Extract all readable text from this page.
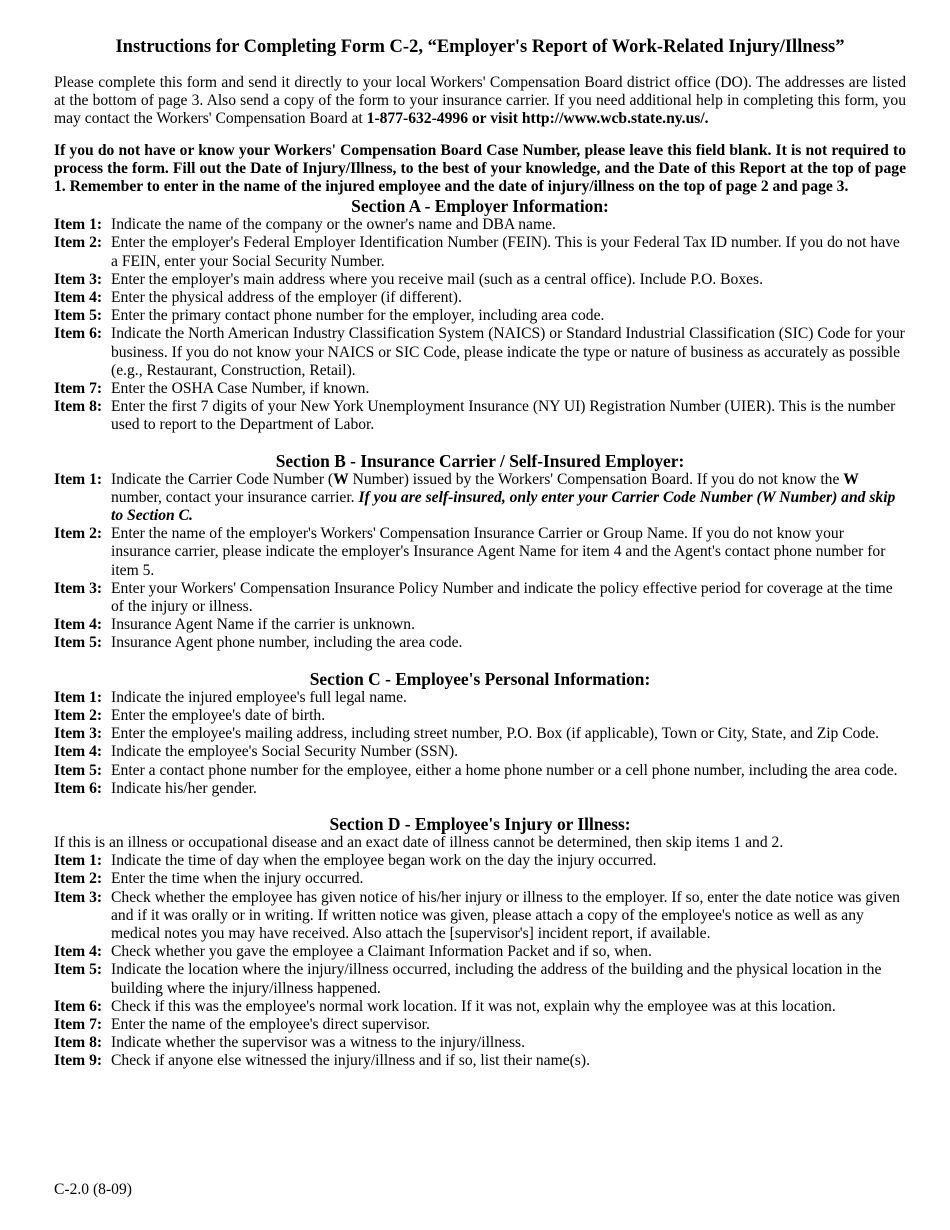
Instructions for Completing Form C-2, “Employer's Report of Work-Related Injury/Illness”

Please complete this form and send it directly to your local Workers' Compensation Board district office (DO). The addresses are listed at the bottom of page 3. Also send a copy of the form to your insurance carrier. If you need additional help in completing this form, you may contact the Workers' Compensation Board at 1-877-632-4996 or visit http://www.wcb.state.ny.us/.

If you do not have or know your Workers' Compensation Board Case Number, please leave this field blank. It is not required to process the form. Fill out the Date of Injury/Illness, to the best of your knowledge, and the Date of this Report at the top of page 1. Remember to enter in the name of the injured employee and the date of injury/illness on the top of page 2 and page 3.

Section A - Employer Information:
Item 1: Indicate the name of the company or the owner's name and DBA name.
Item 2: Enter the employer's Federal Employer Identification Number (FEIN). This is your Federal Tax ID number. If you do not have a FEIN, enter your Social Security Number.
Item 3: Enter the employer's main address where you receive mail (such as a central office). Include P.O. Boxes.
Item 4: Enter the physical address of the employer (if different).
Item 5: Enter the primary contact phone number for the employer, including area code.
Item 6: Indicate the North American Industry Classification System (NAICS) or Standard Industrial Classification (SIC) Code for your business. If you do not know your NAICS or SIC Code, please indicate the type or nature of business as accurately as possible (e.g., Restaurant, Construction, Retail).
Item 7: Enter the OSHA Case Number, if known.
Item 8: Enter the first 7 digits of your New York Unemployment Insurance (NY UI) Registration Number (UIER). This is the number used to report to the Department of Labor.
Section B - Insurance Carrier / Self-Insured Employer:
Item 1: Indicate the Carrier Code Number (W Number) issued by the Workers' Compensation Board. If you do not know the W number, contact your insurance carrier. If you are self-insured, only enter your Carrier Code Number (W Number) and skip to Section C.
Item 2: Enter the name of the employer's Workers' Compensation Insurance Carrier or Group Name. If you do not know your insurance carrier, please indicate the employer's Insurance Agent Name for item 4 and the Agent's contact phone number for item 5.
Item 3: Enter your Workers' Compensation Insurance Policy Number and indicate the policy effective period for coverage at the time of the injury or illness.
Item 4: Insurance Agent Name if the carrier is unknown.
Item 5: Insurance Agent phone number, including the area code.
Section C - Employee's Personal Information:
Item 1: Indicate the injured employee's full legal name.
Item 2: Enter the employee's date of birth.
Item 3: Enter the employee's mailing address, including street number, P.O. Box (if applicable), Town or City, State, and Zip Code.
Item 4: Indicate the employee's Social Security Number (SSN).
Item 5: Enter a contact phone number for the employee, either a home phone number or a cell phone number, including the area code.
Item 6: Indicate his/her gender.
Section D - Employee's Injury or Illness:

If this is an illness or occupational disease and an exact date of illness cannot be determined, then skip items 1 and 2.

Item 1: Indicate the time of day when the employee began work on the day the injury occurred.
Item 2: Enter the time when the injury occurred.
Item 3: Check whether the employee has given notice of his/her injury or illness to the employer. If so, enter the date notice was given and if it was orally or in writing. If written notice was given, please attach a copy of the employee's notice as well as any medical notes you may have received. Also attach the [supervisor's] incident report, if available.
Item 4: Check whether you gave the employee a Claimant Information Packet and if so, when.
Item 5: Indicate the location where the injury/illness occurred, including the address of the building and the physical location in the building where the injury/illness happened.
Item 6: Check if this was the employee's normal work location. If it was not, explain why the employee was at this location.
Item 7: Enter the name of the employee's direct supervisor.
Item 8: Indicate whether the supervisor was a witness to the injury/illness.
Item 9: Check if anyone else witnessed the injury/illness and if so, list their name(s).
C-2.0 (8-09)
